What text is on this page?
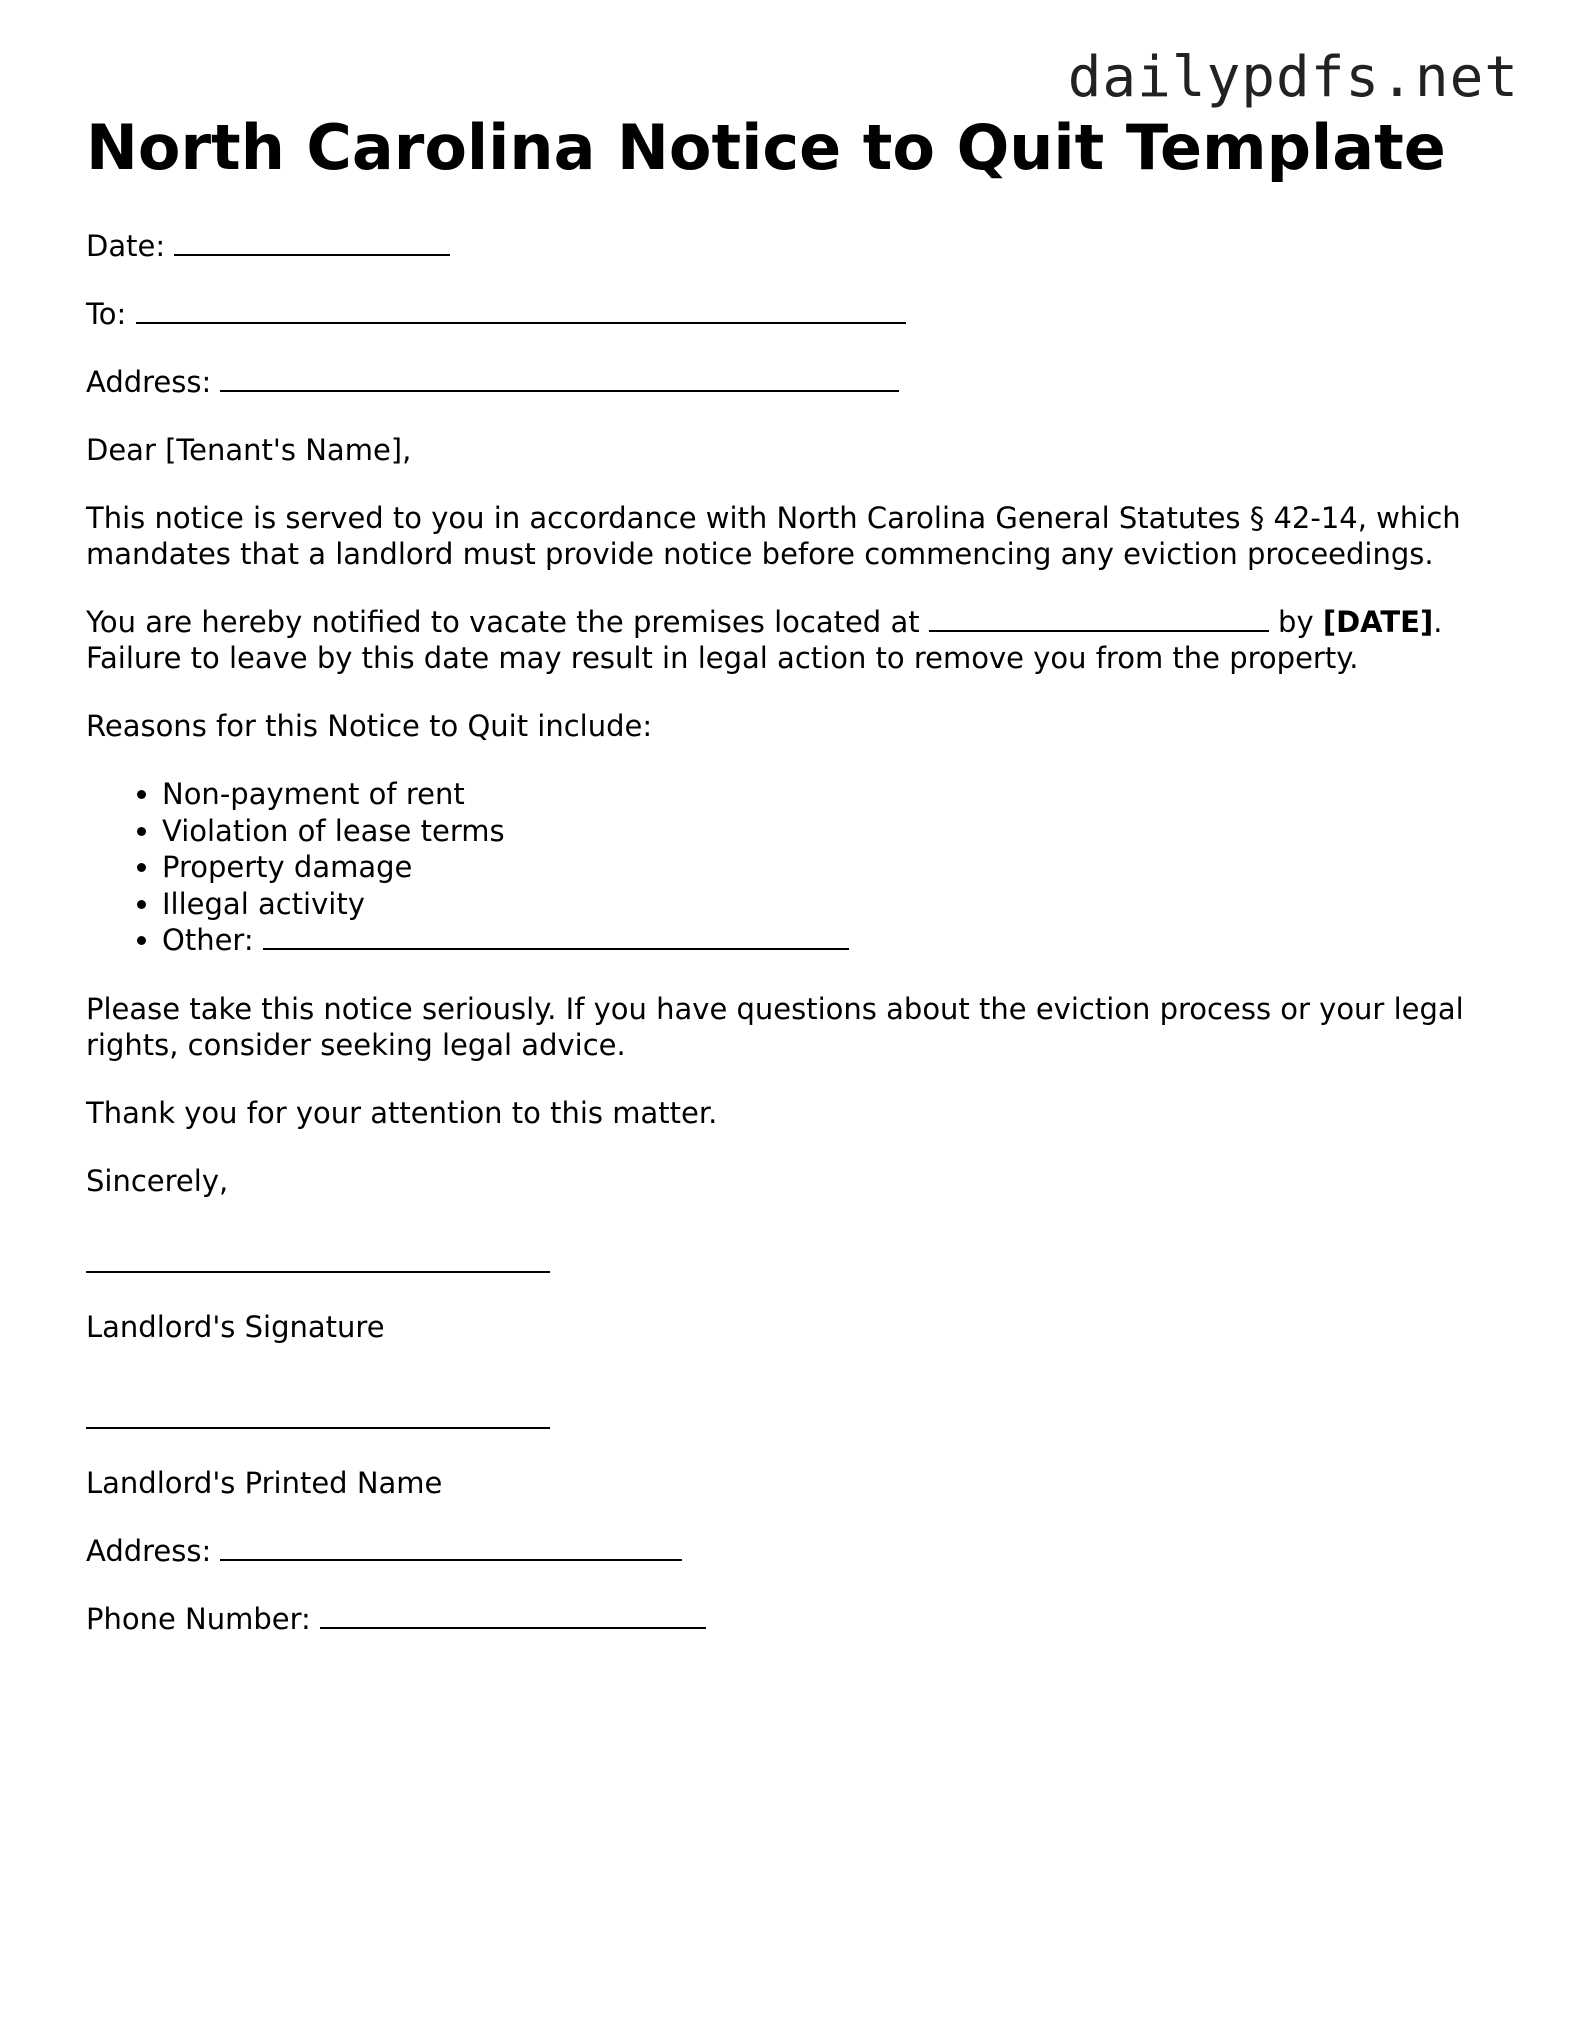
dailypdfs.net
North Carolina Notice to Quit Template

Date:

To:

Address:

Dear [Tenant's Name],

This notice is served to you in accordance with North Carolina General Statutes § 42-14, which mandates that a landlord must provide notice before commencing any eviction proceedings.

You are hereby notified to vacate the premises located at	by [DATE]. Failure to leave by this date may result in legal action to remove you from the property.

Reasons for this Notice to Quit include:

• Non-payment of rent
• Violation of lease terms
• Property damage
• Illegal activity
• Other:

Please take this notice seriously. If you have questions about the eviction process or your legal rights, consider seeking legal advice.

Thank you for your attention to this matter.

Sincerely,

Landlord's Signature

Landlord's Printed Name

Address:

Phone Number:
